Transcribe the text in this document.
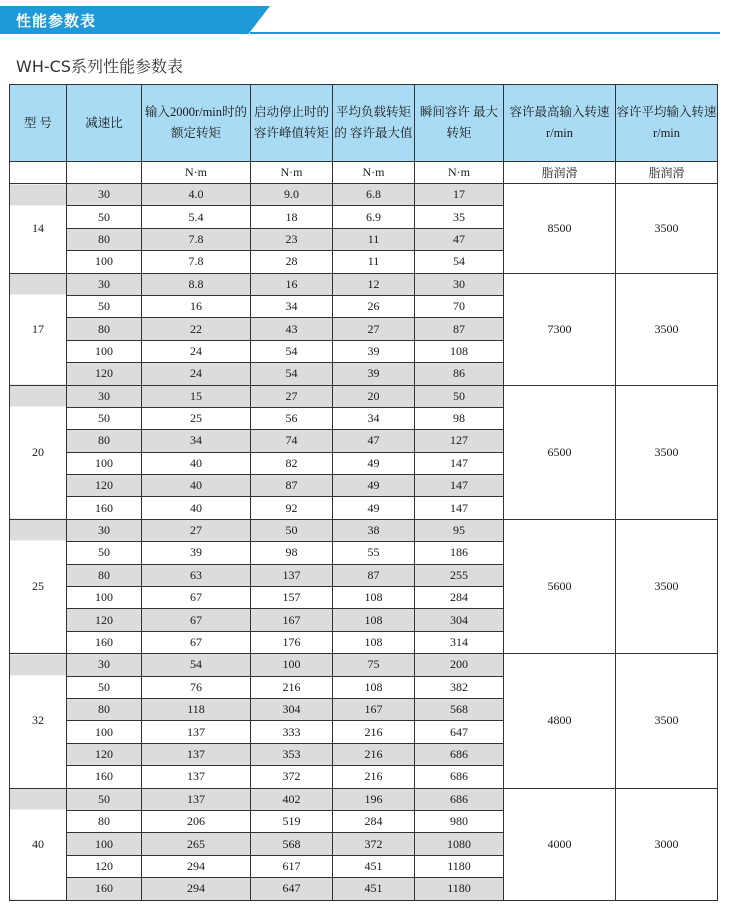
性能参数表
WH-CS系列性能参数表
型 号	减速比	输入2000r/min时的 额定转矩	启动停止时的 容许峰值转矩	平均负载转矩的 容许最大值	瞬间容许 最大转矩	容许最高输入转速 r/min	容许平均输入转速 r/min
		N·m	N·m	N·m	N·m	脂润滑	脂润滑
14	30	4.0	9.0	6.8	17	8500	3500
	50	5.4	18	6.9	35		
	80	7.8	23	11	47		
	100	7.8	28	11	54		
17	30	8.8	16	12	30	7300	3500
	50	16	34	26	70		
	80	22	43	27	87		
	100	24	54	39	108		
	120	24	54	39	86		
20	30	15	27	20	50	6500	3500
	50	25	56	34	98		
	80	34	74	47	127		
	100	40	82	49	147		
	120	40	87	49	147		
	160	40	92	49	147		
25	30	27	50	38	95	5600	3500
	50	39	98	55	186		
	80	63	137	87	255		
	100	67	157	108	284		
	120	67	167	108	304		
	160	67	176	108	314		
32	30	54	100	75	200	4800	3500
	50	76	216	108	382		
	80	118	304	167	568		
	100	137	333	216	647		
	120	137	353	216	686		
	160	137	372	216	686		
40	50	137	402	196	686	4000	3000
	80	206	519	284	980		
	100	265	568	372	1080		
	120	294	617	451	1180		
	160	294	647	451	1180		
